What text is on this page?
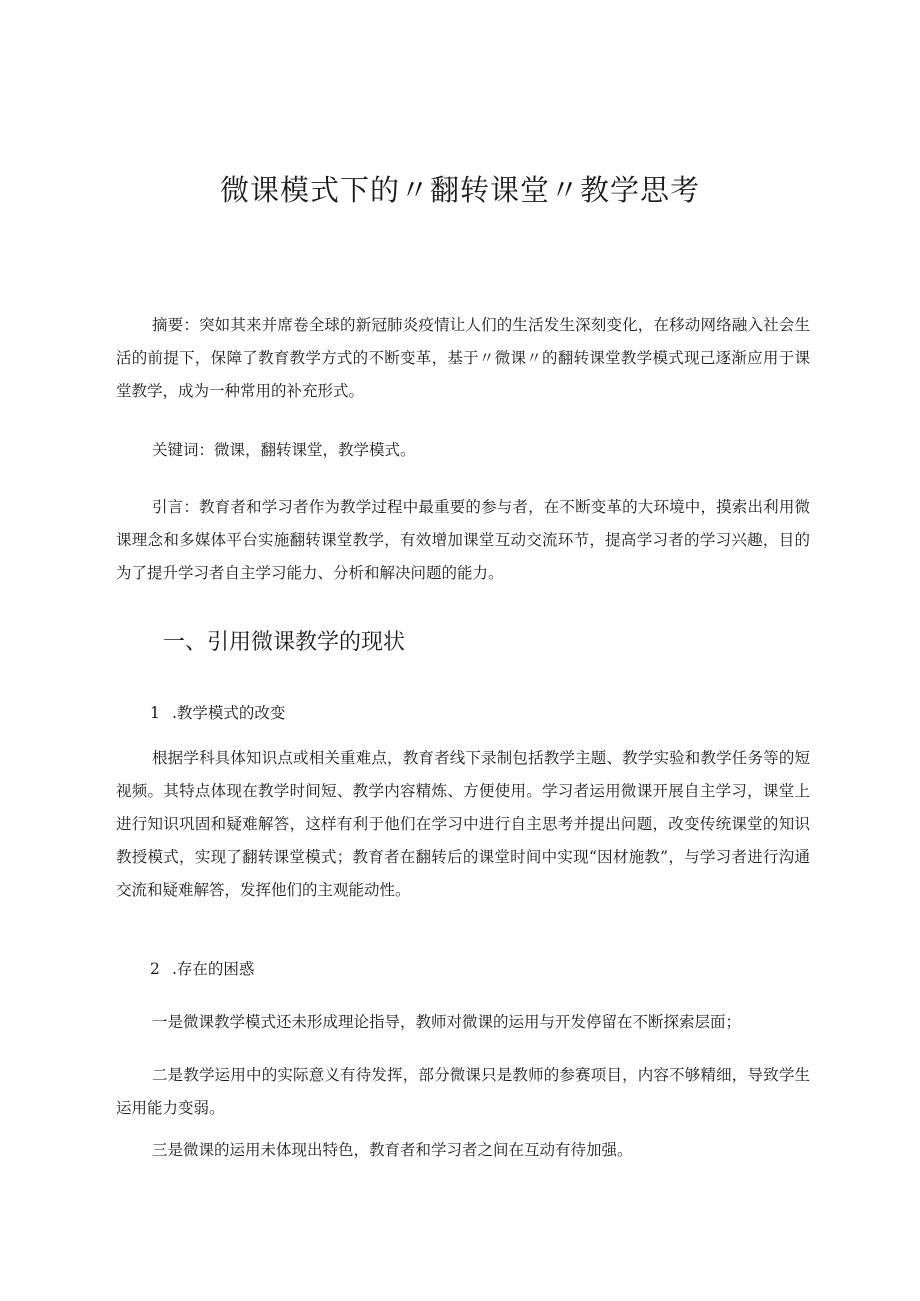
微课模式下的〃翻转课堂〃教学思考

摘要：突如其来并席卷全球的新冠肺炎疫情让人们的生活发生深刻变化，在移动网络融入社会生活的前提下，保障了教育教学方式的不断变革，基于〃微课〃的翻转课堂教学模式现己逐渐应用于课堂教学，成为一种常用的补充形式。

关键词：微课，翻转课堂，教学模式。

引言：教育者和学习者作为教学过程中最重要的参与者，在不断变革的大环境中，摸索出利用微课理念和多媒体平台实施翻转课堂教学，有效增加课堂互动交流环节，提高学习者的学习兴趣，目的为了提升学习者自主学习能力、分析和解决问题的能力。

一、引用微课教学的现状
1 .教学模式的改变

根据学科具体知识点或相关重难点，教育者线下录制包括教学主题、教学实验和教学任务等的短视频。其特点体现在教学时间短、教学内容精炼、方便使用。学习者运用微课开展自主学习，课堂上进行知识巩固和疑难解答，这样有利于他们在学习中进行自主思考并提出问题，改变传统课堂的知识教授模式，实现了翻转课堂模式；教育者在翻转后的课堂时间中实现“因材施教”，与学习者进行沟通交流和疑难解答，发挥他们的主观能动性。

2 .存在的困惑

一是微课教学模式还未形成理论指导，教师对微课的运用与开发停留在不断探索层面；

二是教学运用中的实际意义有待发挥，部分微课只是教师的参赛项目，内容不够精细，导致学生运用能力变弱。

三是微课的运用未体现出特色，教育者和学习者之间在互动有待加强。
